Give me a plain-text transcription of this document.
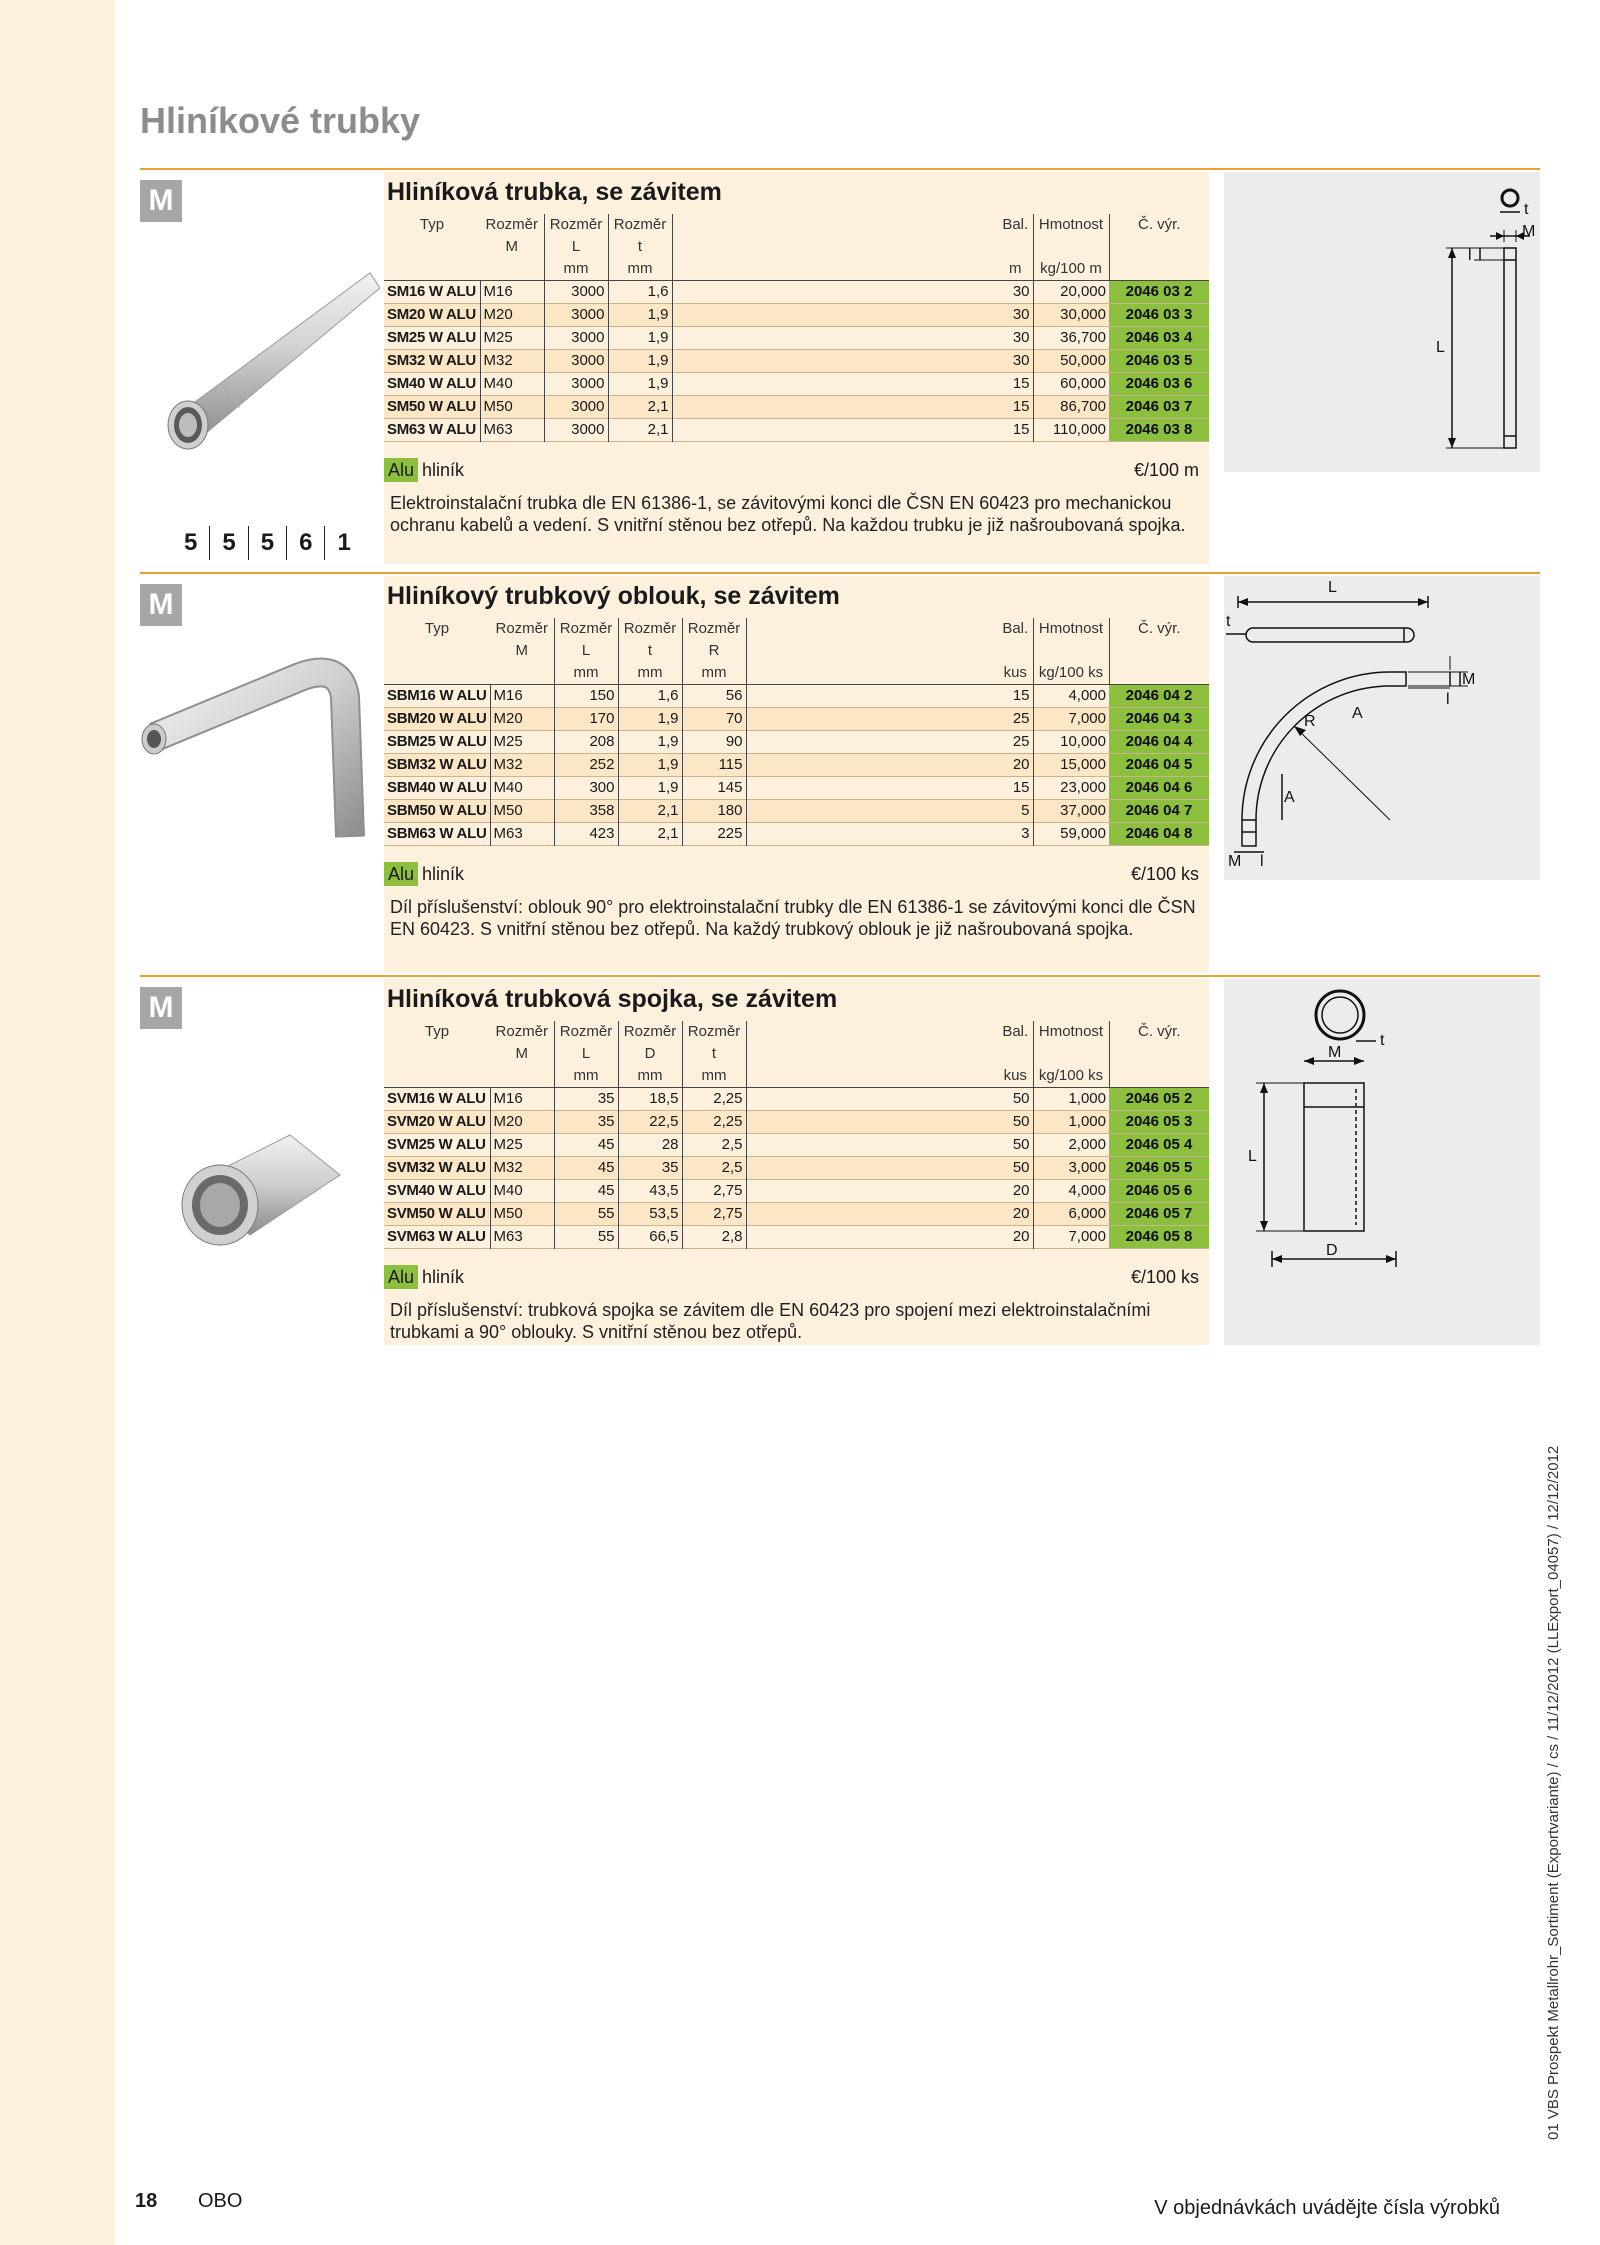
Hliníkové trubky
M
5	5	5	6	1
Hliníková trubka, se závitem
Typ	Rozměr	Rozměr	Rozměr		Bal.	Hmotnost	Č. výr.
	M	L	t				
		mm	mm		m	kg/100 m	
SM16 W ALU	M16	3000	1,6		30	20,000	2046 03 2
SM20 W ALU	M20	3000	1,9		30	30,000	2046 03 3
SM25 W ALU	M25	3000	1,9		30	36,700	2046 03 4
SM32 W ALU	M32	3000	1,9		30	50,000	2046 03 5
SM40 W ALU	M40	3000	1,9		15	60,000	2046 03 6
SM50 W ALU	M50	3000	2,1		15	86,700	2046 03 7
SM63 W ALU	M63	3000	2,1		15	110,000	2046 03 8
Alu hliník	€/100 m

Elektroinstalační trubka dle EN 61386-1, se závitovými konci dle ČSN EN 60423 pro mechanickou ochranu kabelů a vedení. S vnitřní stěnou bez otřepů. Na každou trubku je již našroubovaná spojka.

t
M
l
L
M	Hliníkový trubkový oblouk, se závitem
Typ	Rozměr	Rozměr	Rozměr	Rozměr		Bal.	Hmotnost	Č. výr.
	M	L	t	R				
		mm	mm	mm		kus	kg/100 ks	
SBM16 W ALU	M16	150	1,6	56		15	4,000	2046 04 2
SBM20 W ALU	M20	170	1,9	70		25	7,000	2046 04 3
SBM25 W ALU	M25	208	1,9	90		25	10,000	2046 04 4
SBM32 W ALU	M32	252	1,9	115		20	15,000	2046 04 5
SBM40 W ALU	M40	300	1,9	145		15	23,000	2046 04 6
SBM50 W ALU	M50	358	2,1	180		5	37,000	2046 04 7
SBM63 W ALU	M63	423	2,1	225		3	59,000	2046 04 8
Alu hliník	€/100 ks

Díl příslušenství: oblouk 90° pro elektroinstalační trubky dle EN 61386-1 se závitovými konci dle ČSN EN 60423. S vnitřní stěnou bez otřepů. Na každý trubkový oblouk je již našroubovaná spojka.

L
t
M
l
A
A
R
M l
M	Hliníková trubková spojka, se závitem
Typ	Rozměr	Rozměr	Rozměr	Rozměr		Bal.	Hmotnost	Č. výr.
	M	L	D	t				
		mm	mm	mm		kus	kg/100 ks	
SVM16 W ALU	M16	35	18,5	2,25		50	1,000	2046 05 2
SVM20 W ALU	M20	35	22,5	2,25		50	1,000	2046 05 3
SVM25 W ALU	M25	45	28	2,5		50	2,000	2046 05 4
SVM32 W ALU	M32	45	35	2,5		50	3,000	2046 05 5
SVM40 W ALU	M40	45	43,5	2,75		20	4,000	2046 05 6
SVM50 W ALU	M50	55	53,5	2,75		20	6,000	2046 05 7
SVM63 W ALU	M63	55	66,5	2,8		20	7,000	2046 05 8
Alu hliník	€/100 ks

Díl příslušenství: trubková spojka se závitem dle EN 60423 pro spojení mezi elektroinstalačními trubkami a 90° oblouky. S vnitřní stěnou bez otřepů.

t
M
L
D
18 OBO	V objednávkách uvádějte čísla výrobků
01 VBS Prospekt Metallrohr_Sortiment (Exportvariante) / cs / 11/12/2012 (LLExport_04057) / 12/12/2012
